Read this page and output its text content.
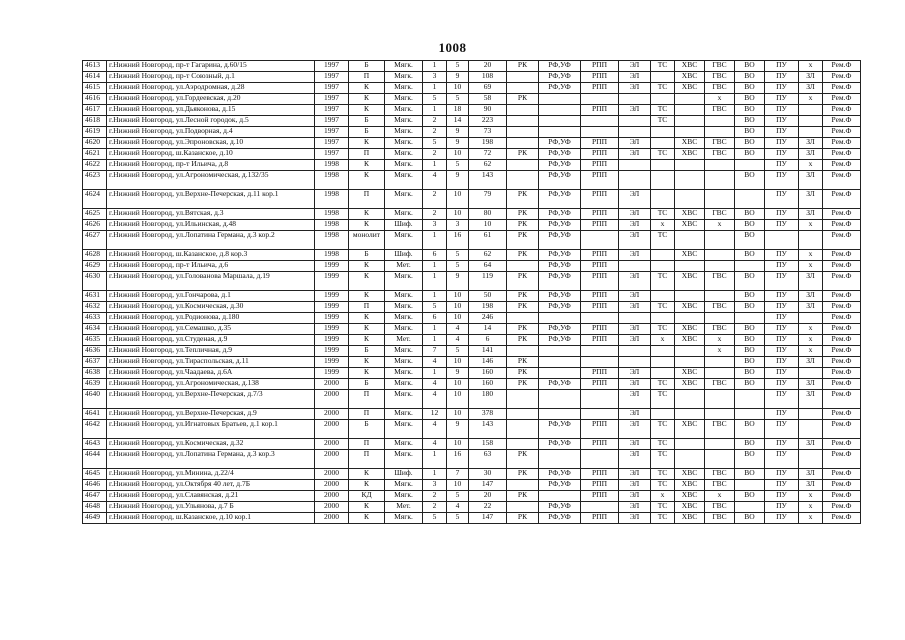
1008
4613	г.Нижний Новгород, пр-т Гагарина, д.60/15	1997	Б	Мягк.	1	5	20	РК	РФ,УФ	РПП	ЭЛ	ТС	ХВС	ГВС	ВО	ПУ	х	Рем.Ф
4614	г.Нижний Новгород, пр-т Союзный, д.1	1997	П	Мягк.	3	9	108		РФ,УФ	РПП	ЭЛ		ХВС	ГВС	ВО	ПУ	ЗЛ	Рем.Ф
4615	г.Нижний Новгород, ул.Аэродромная, д.28	1997	К	Мягк.	1	10	69		РФ,УФ	РПП	ЭЛ	ТС	ХВС	ГВС	ВО	ПУ	ЗЛ	Рем.Ф
4616	г.Нижний Новгород, ул.Гордеевская, д.20	1997	К	Мягк.	5	5	58	РК						х	ВО	ПУ	х	Рем.Ф
4617	г.Нижний Новгород, ул.Дьяконова, д.15	1997	К	Мягк.	1	18	90			РПП	ЭЛ	ТС		ГВС	ВО	ПУ		Рем.Ф
4618	г.Нижний Новгород, ул.Лесной городок, д.5	1997	Б	Мягк.	2	14	223					ТС			ВО	ПУ		Рем.Ф
4619	г.Нижний Новгород, ул.Подворная, д.4	1997	Б	Мягк.	2	9	73								ВО	ПУ		Рем.Ф
4620	г.Нижний Новгород, ул.Эпроновская, д.10	1997	К	Мягк.	5	9	198		РФ,УФ	РПП	ЭЛ		ХВС	ГВС	ВО	ПУ	ЗЛ	Рем.Ф
4621	г.Нижний Новгород, ш.Казанское, д.10	1997	П	Мягк.	2	10	72	РК	РФ,УФ	РПП	ЭЛ	ТС	ХВС	ГВС	ВО	ПУ	ЗЛ	Рем.Ф
4622	г.Нижний Новгород, пр-т Ильича, д.8	1998	К	Мягк.	1	5	62		РФ,УФ	РПП						ПУ	х	Рем.Ф
4623	г.Нижний Новгород, ул.Агрономическая, д.132/35	1998	К	Мягк.	4	9	143		РФ,УФ	РПП					ВО	ПУ	ЗЛ	Рем.Ф
4624	г.Нижний Новгород, ул.Верхне-Печерская, д.11 кор.1	1998	П	Мягк.	2	10	79	РК	РФ,УФ	РПП	ЭЛ					ПУ	ЗЛ	Рем.Ф
4625	г.Нижний Новгород, ул.Вятская, д.3	1998	К	Мягк.	2	10	80	РК	РФ,УФ	РПП	ЭЛ	ТС	ХВС	ГВС	ВО	ПУ	ЗЛ	Рем.Ф
4626	г.Нижний Новгород, ул.Ильинская, д.48	1998	К	Шиф.	3	3	10	РК	РФ,УФ	РПП	ЭЛ	х	ХВС	х	ВО	ПУ	х	Рем.Ф
4627	г.Нижний Новгород, ул.Лопатина Германа, д.3 кор.2	1998	монолит	Мягк.	1	16	61	РК	РФ,УФ		ЭЛ	ТС			ВО			Рем.Ф
4628	г.Нижний Новгород, ш.Казанское, д.8 кор.3	1998	Б	Шиф.	6	5	62	РК	РФ,УФ	РПП	ЭЛ		ХВС		ВО	ПУ	х	Рем.Ф
4629	г.Нижний Новгород, пр-т Ильича, д.6	1999	К	Мет.	1	5	64		РФ,УФ	РПП						ПУ	х	Рем.Ф
4630	г.Нижний Новгород, ул.Голованова Маршала, д.19	1999	К	Мягк.	1	9	119	РК	РФ,УФ	РПП	ЭЛ	ТС	ХВС	ГВС	ВО	ПУ	ЗЛ	Рем.Ф
4631	г.Нижний Новгород, ул.Гончарова, д.1	1999	К	Мягк.	1	10	50	РК	РФ,УФ	РПП	ЭЛ				ВО	ПУ	ЗЛ	Рем.Ф
4632	г.Нижний Новгород, ул.Космическая, д.30	1999	П	Мягк.	5	10	198	РК	РФ,УФ	РПП	ЭЛ	ТС	ХВС	ГВС	ВО	ПУ	ЗЛ	Рем.Ф
4633	г.Нижний Новгород, ул.Родионова, д.180	1999	К	Мягк.	6	10	246									ПУ		Рем.Ф
4634	г.Нижний Новгород, ул.Семашко, д.35	1999	К	Мягк.	1	4	14	РК	РФ,УФ	РПП	ЭЛ	ТС	ХВС	ГВС	ВО	ПУ	х	Рем.Ф
4635	г.Нижний Новгород, ул.Студеная, д.9	1999	К	Мет.	1	4	6	РК	РФ,УФ	РПП	ЭЛ	х	ХВС	х	ВО	ПУ	х	Рем.Ф
4636	г.Нижний Новгород, ул.Тепличная, д.9	1999	Б	Мягк.	7	5	141							х	ВО	ПУ	х	Рем.Ф
4637	г.Нижний Новгород, ул.Тираспольская, д.11	1999	К	Мягк.	4	10	146	РК							ВО	ПУ	ЗЛ	Рем.Ф
4638	г.Нижний Новгород, ул.Чаадаева, д.6А	1999	К	Мягк.	1	9	160	РК		РПП	ЭЛ		ХВС		ВО	ПУ		Рем.Ф
4639	г.Нижний Новгород, ул.Агрономическая, д.138	2000	Б	Мягк.	4	10	160	РК	РФ,УФ	РПП	ЭЛ	ТС	ХВС	ГВС	ВО	ПУ	ЗЛ	Рем.Ф
4640	г.Нижний Новгород, ул.Верхне-Печерская, д.7/3	2000	П	Мягк.	4	10	180				ЭЛ	ТС				ПУ	ЗЛ	Рем.Ф
4641	г.Нижний Новгород, ул.Верхне-Печерская, д.9	2000	П	Мягк.	12	10	378				ЭЛ					ПУ		Рем.Ф
4642	г.Нижний Новгород, ул.Игнатовых Братьев, д.1 кор.1	2000	Б	Мягк.	4	9	143		РФ,УФ	РПП	ЭЛ	ТС	ХВС	ГВС	ВО	ПУ		Рем.Ф
4643	г.Нижний Новгород, ул.Космическая, д.32	2000	П	Мягк.	4	10	158		РФ,УФ	РПП	ЭЛ	ТС			ВО	ПУ	ЗЛ	Рем.Ф
4644	г.Нижний Новгород, ул.Лопатина Германа, д.3 кор.3	2000	П	Мягк.	1	16	63	РК			ЭЛ	ТС			ВО	ПУ		Рем.Ф
4645	г.Нижний Новгород, ул.Минина, д.22/4	2000	К	Шиф.	1	7	30	РК	РФ,УФ	РПП	ЭЛ	ТС	ХВС	ГВС	ВО	ПУ	ЗЛ	Рем.Ф
4646	г.Нижний Новгород, ул.Октября 40 лет, д.7Б	2000	К	Мягк.	3	10	147		РФ,УФ	РПП	ЭЛ	ТС	ХВС	ГВС		ПУ	ЗЛ	Рем.Ф
4647	г.Нижний Новгород, ул.Славянская, д.21	2000	КД	Мягк.	2	5	20	РК		РПП	ЭЛ	х	ХВС	х	ВО	ПУ	х	Рем.Ф
4648	г.Нижний Новгород, ул.Ульянова, д.7 Б	2000	К	Мет.	2	4	22		РФ,УФ		ЭЛ	ТС	ХВС	ГВС		ПУ	х	Рем.Ф
4649	г.Нижний Новгород, ш.Казанское, д.10 кор.1	2000	К	Мягк.	5	5	147	РК	РФ,УФ	РПП	ЭЛ	ТС	ХВС	ГВС	ВО	ПУ	х	Рем.Ф
